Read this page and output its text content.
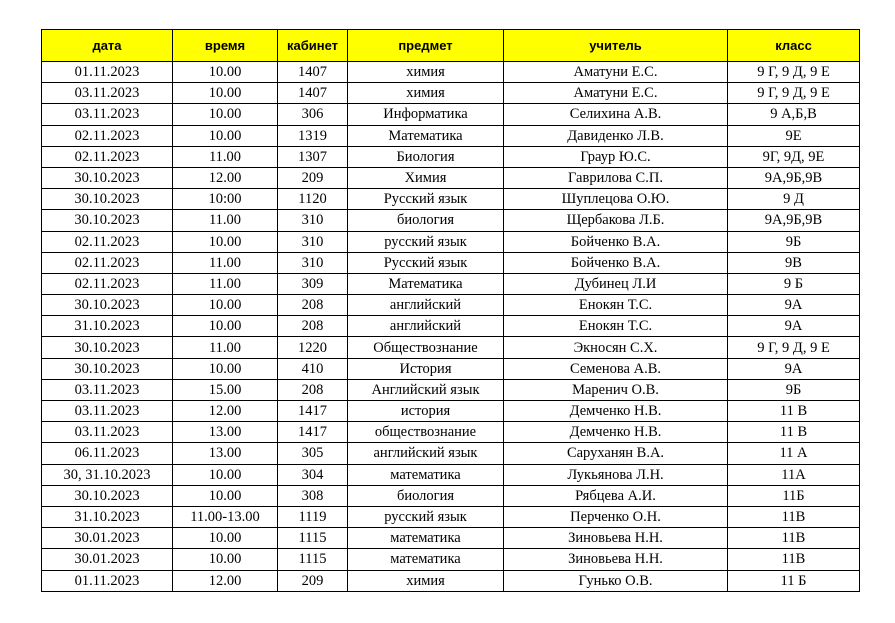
дата	время	кабинет	предмет	учитель	класс
01.11.2023	10.00	1407	химия	Аматуни Е.С.	9 Г, 9 Д, 9 Е
03.11.2023	10.00	1407	химия	Аматуни Е.С.	9 Г, 9 Д, 9 Е
03.11.2023	10.00	306	Информатика	Селихина А.В.	9 А,Б,В
02.11.2023	10.00	1319	Математика	Давиденко Л.В.	9Е
02.11.2023	11.00	1307	Биология	Граур Ю.С.	9Г, 9Д, 9Е
30.10.2023	12.00	209	Химия	Гаврилова С.П.	9А,9Б,9В
30.10.2023	10:00	1120	Русский язык	Шуплецова О.Ю.	9 Д
30.10.2023	11.00	310	биология	Щербакова Л.Б.	9А,9Б,9В
02.11.2023	10.00	310	русский язык	Бойченко В.А.	9Б
02.11.2023	11.00	310	Русский язык	Бойченко В.А.	9В
02.11.2023	11.00	309	Математика	Дубинец Л.И	9 Б
30.10.2023	10.00	208	английский	Енокян Т.С.	9А
31.10.2023	10.00	208	английский	Енокян Т.С.	9А
30.10.2023	11.00	1220	Обществознание	Экносян С.Х.	9 Г, 9 Д, 9 Е
30.10.2023	10.00	410	История	Семенова А.В.	9А
03.11.2023	15.00	208	Английский язык	Маренич О.В.	9Б
03.11.2023	12.00	1417	история	Демченко Н.В.	11 В
03.11.2023	13.00	1417	обществознание	Демченко Н.В.	11 В
06.11.2023	13.00	305	английский язык	Саруханян В.А.	11 А
30, 31.10.2023	10.00	304	математика	Лукьянова Л.Н.	11А
30.10.2023	10.00	308	биология	Рябцева А.И.	11Б
31.10.2023	11.00-13.00	1119	русский язык	Перченко О.Н.	11В
30.01.2023	10.00	1115	математика	Зиновьева Н.Н.	11В
30.01.2023	10.00	1115	математика	Зиновьева Н.Н.	11В
01.11.2023	12.00	209	химия	Гунько О.В.	11 Б
